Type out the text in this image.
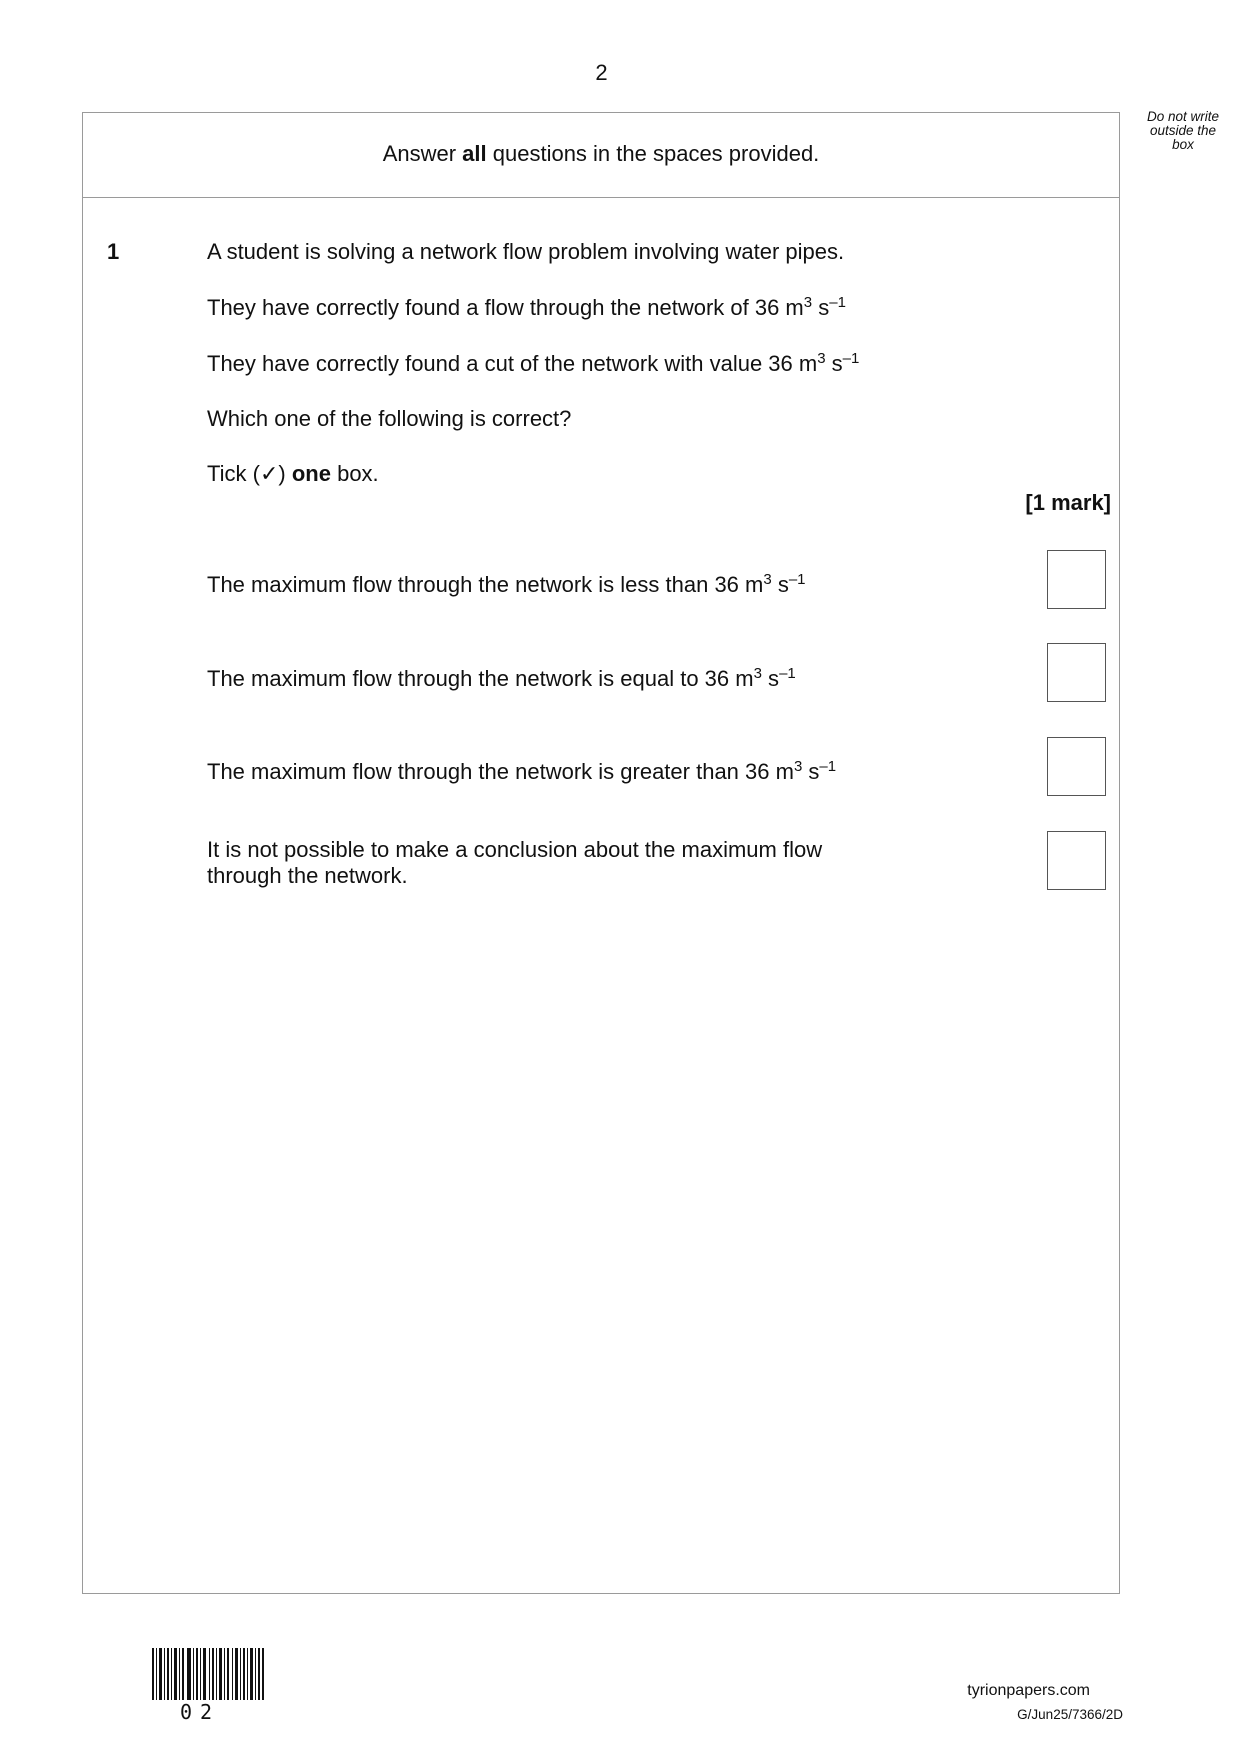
2
Do not write
outside the
box
Answer all questions in the spaces provided.
1	A student is solving a network flow problem involving water pipes.
They have correctly found a flow through the network of 36 $m^3$ $s^{-1}$
They have correctly found a cut of the network with value 36 $m^3$ $s^{-1}$
Which one of the following is correct?
Tick (✓) one box.
[1 mark]
The maximum flow through the network is less than 36 $m^3$ $s^{-1}$
The maximum flow through the network is equal to 36 $m^3$ $s^{-1}$
The maximum flow through the network is greater than 36 $m^3$ $s^{-1}$
It is not possible to make a conclusion about the maximum flow through the network.
02
tyrionpapers.com
G/Jun25/7366/2D
